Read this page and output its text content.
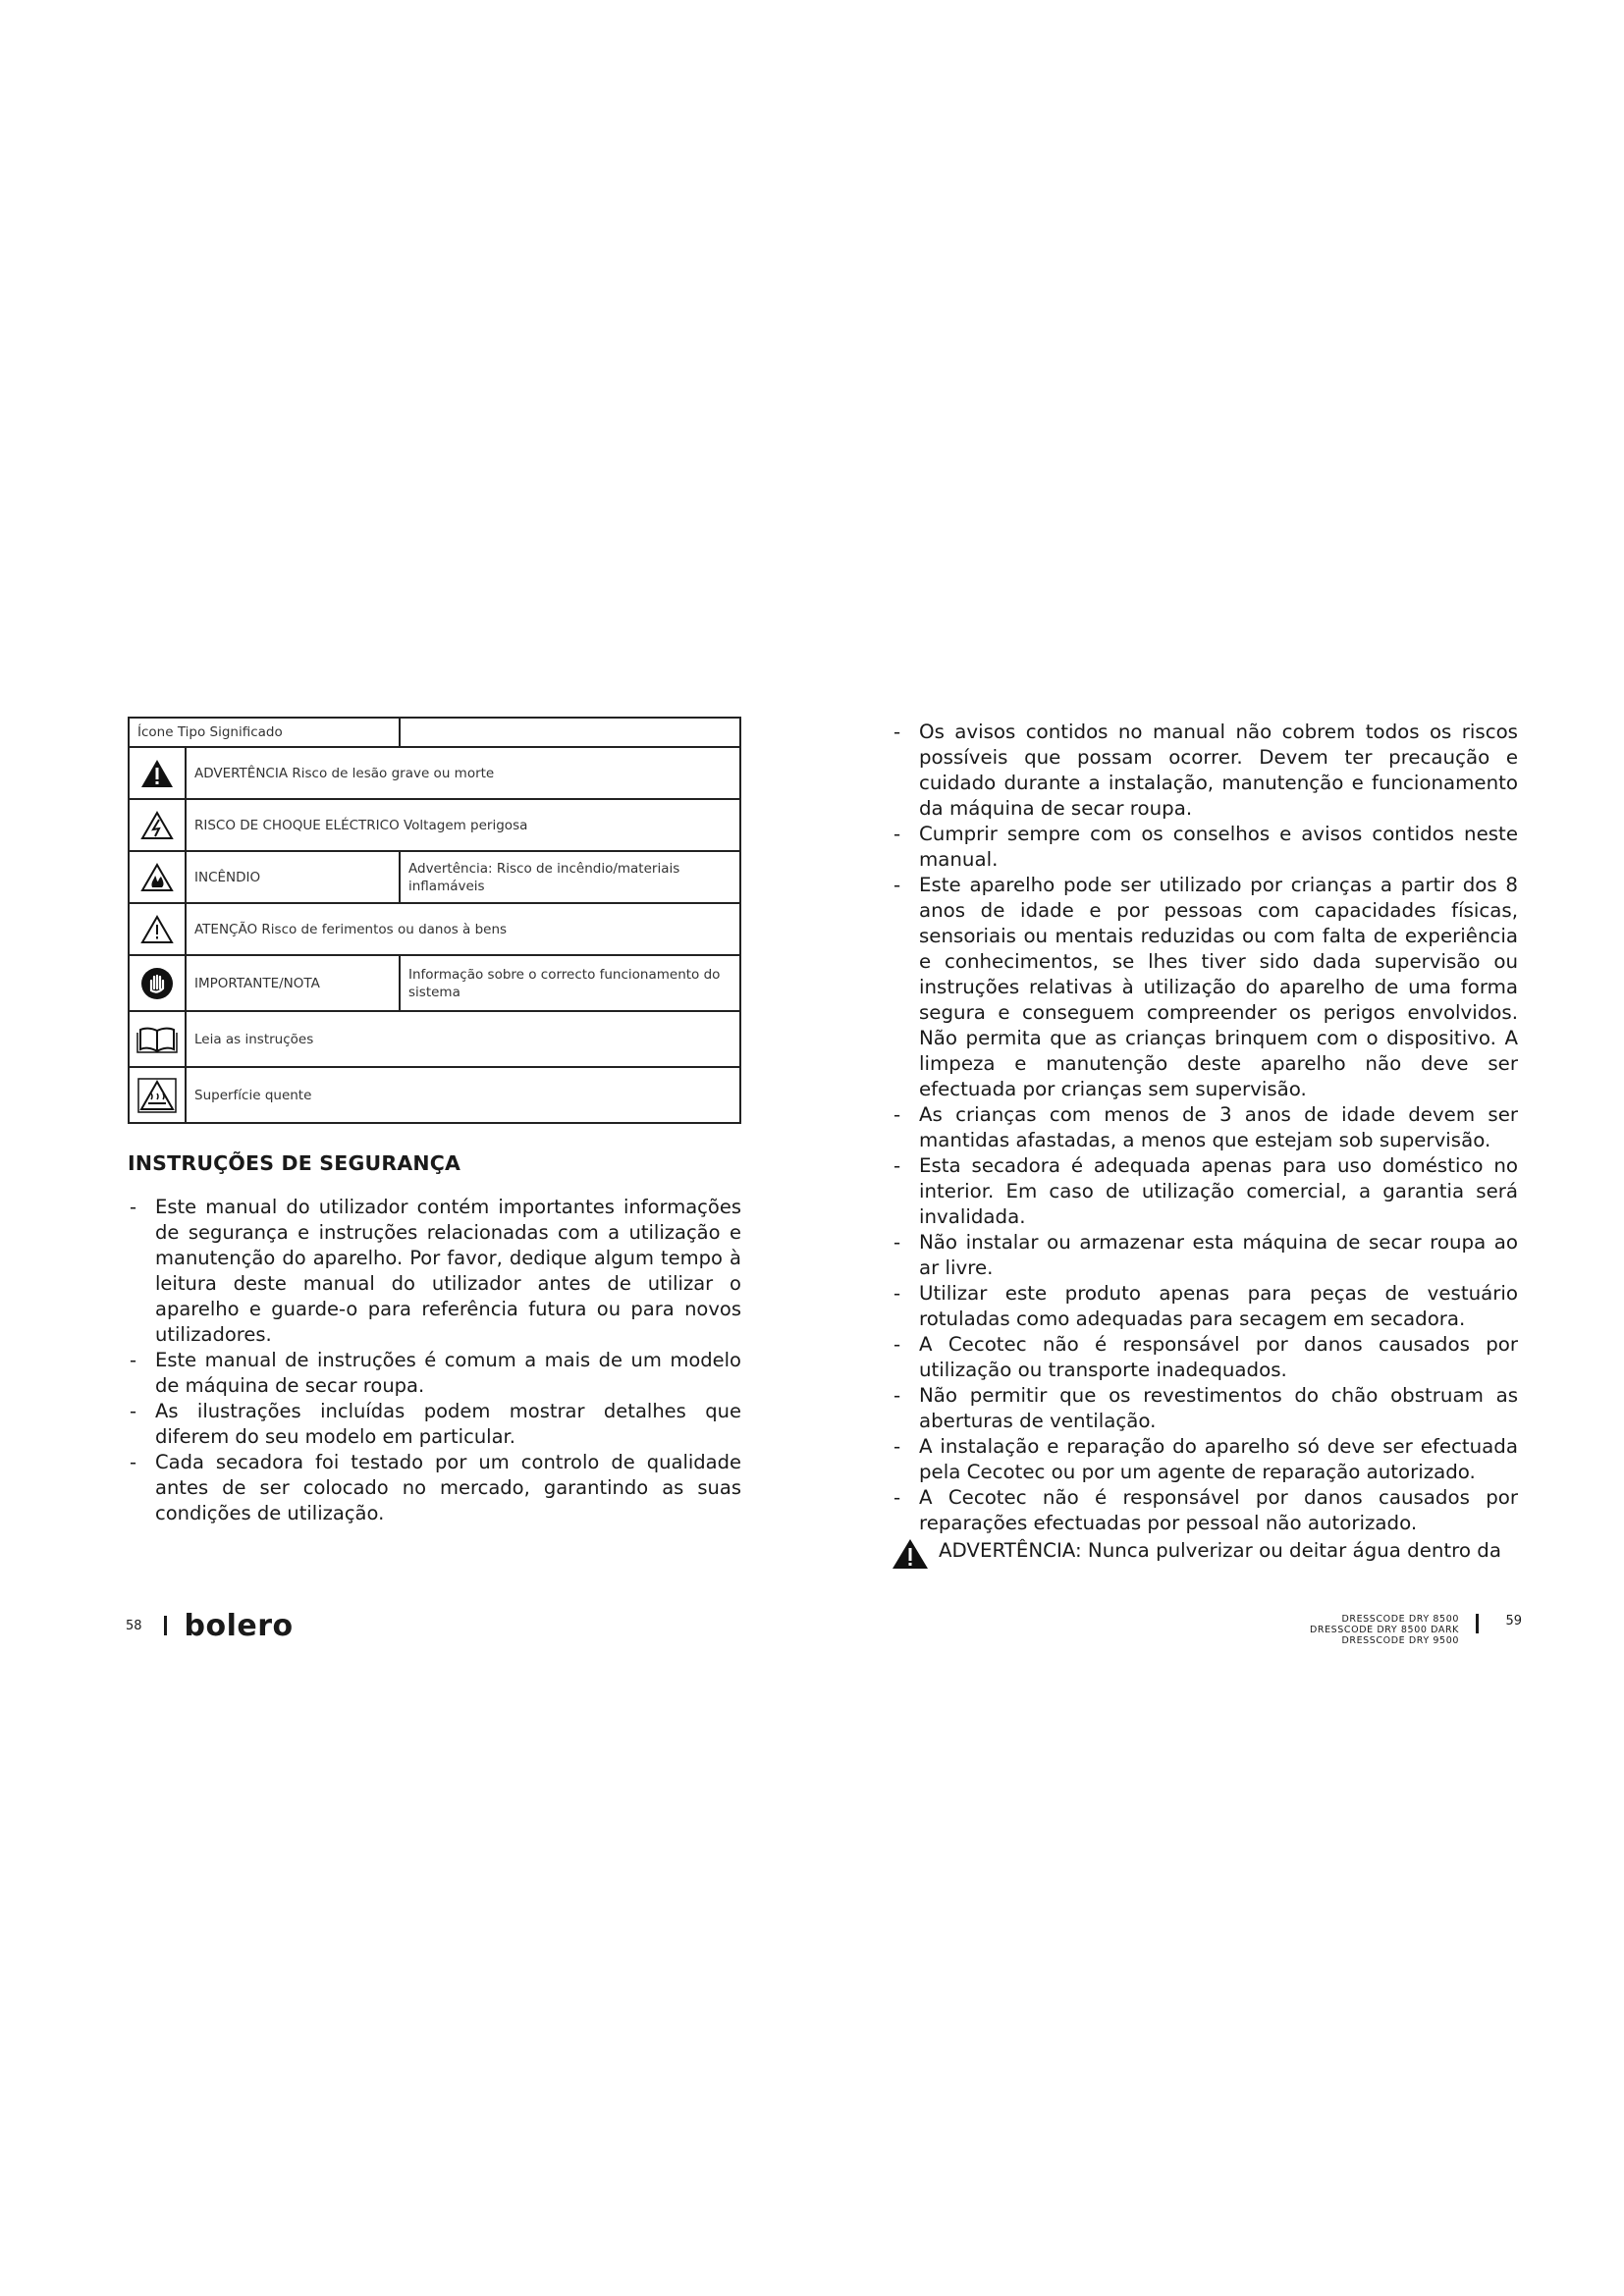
Ícone Tipo Significado		

	ADVERTÊNCIA Risco de lesão grave ou morte	

	RISCO DE CHOQUE ELÉCTRICO Voltagem perigosa	

	INCÊNDIO	Advertência: Risco de incêndio/materiais inflamáveis

	ATENÇÃO Risco de ferimentos ou danos à bens	

	IMPORTANTE/NOTA	Informação sobre o correcto funcionamento do sistema

	Leia as instruções	

	Superfície quente	
INSTRUÇÕES DE SEGURANÇA
- Este manual do utilizador contém importantes informações de segurança e instruções relacionadas com a utilização e manutenção do aparelho. Por favor, dedique algum tempo à leitura deste manual do utilizador antes de utilizar o aparelho e guarde-o para referência futura ou para novos utilizadores.
- Este manual de instruções é comum a mais de um modelo de máquina de secar roupa.
- As ilustrações incluídas podem mostrar detalhes que diferem do seu modelo em particular.
- Cada secadora foi testado por um controlo de qualidade antes de ser colocado no mercado, garantindo as suas condições de utilização.
- Os avisos contidos no manual não cobrem todos os riscos possíveis que possam ocorrer. Devem ter precaução e cuidado durante a instalação, manutenção e funcionamento da máquina de secar roupa.
- Cumprir sempre com os conselhos e avisos contidos neste manual.
- Este aparelho pode ser utilizado por crianças a partir dos 8 anos de idade e por pessoas com capacidades físicas, sensoriais ou mentais reduzidas ou com falta de experiência e conhecimentos, se lhes tiver sido dada supervisão ou instruções relativas à utilização do aparelho de uma forma segura e conseguem compreender os perigos envolvidos. Não permita que as crianças brinquem com o dispositivo. A limpeza e manutenção deste aparelho não deve ser efectuada por crianças sem supervisão.
- As crianças com menos de 3 anos de idade devem ser mantidas afastadas, a menos que estejam sob supervisão.
- Esta secadora é adequada apenas para uso doméstico no interior. Em caso de utilização comercial, a garantia será invalidada.
- Não instalar ou armazenar esta máquina de secar roupa ao ar livre.
- Utilizar este produto apenas para peças de vestuário rotuladas como adequadas para secagem em secadora.
- A Cecotec não é responsável por danos causados por utilização ou transporte inadequados.
- Não permitir que os revestimentos do chão obstruam as aberturas de ventilação.
- A instalação e reparação do aparelho só deve ser efectuada pela Cecotec ou por um agente de reparação autorizado.
- A Cecotec não é responsável por danos causados por reparações efectuadas por pessoal não autorizado.
ADVERTÊNCIA: Nunca pulverizar ou deitar água dentro da
58 bolero	DRESSCODE DRY 8500
DRESSCODE DRY 8500 DARK
DRESSCODE DRY 9500
59
